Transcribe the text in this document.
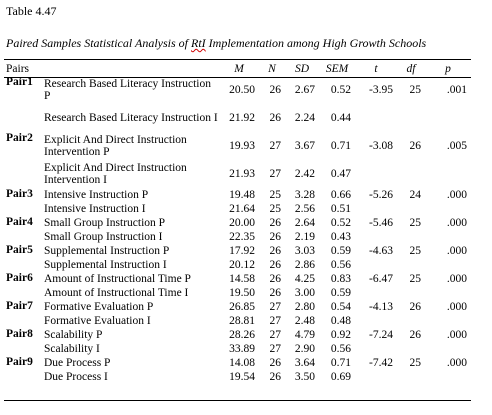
Table 4.47
Paired Samples Statistical Analysis of RtI Implementation among High Growth Schools
Pairs		M	N	SD	SEM	t	df	p
Pair1	Research Based Literacy Instruction P	20.50	26	2.67	0.52	-3.95	25	.001
	Research Based Literacy Instruction I	21.92	26	2.24	0.44			
Pair2	Explicit And Direct Instruction Intervention P	19.93	27	3.67	0.71	-3.08	26	.005
	Explicit And Direct Instruction Intervention I	21.93	27	2.42	0.47			
Pair3	Intensive Instruction P	19.48	25	3.28	0.66	-5.26	24	.000
	Intensive Instruction I	21.64	25	2.56	0.51			
Pair4	Small Group Instruction P	20.00	26	2.64	0.52	-5.46	25	.000
	Small Group Instruction I	22.35	26	2.19	0.43			
Pair5	Supplemental Instruction P	17.92	26	3.03	0.59	-4.63	25	.000
	Supplemental Instruction I	20.12	26	2.86	0.56			
Pair6	Amount of Instructional Time P	14.58	26	4.25	0.83	-6.47	25	.000
	Amount of Instructional Time I	19.50	26	3.00	0.59			
Pair7	Formative Evaluation P	26.85	27	2.80	0.54	-4.13	26	.000
	Formative Evaluation I	28.81	27	2.48	0.48			
Pair8	Scalability P	28.26	27	4.79	0.92	-7.24	26	.000
	Scalability I	33.89	27	2.90	0.56			
Pair9	Due Process P	14.08	26	3.64	0.71	-7.42	25	.000
	Due Process I	19.54	26	3.50	0.69			
